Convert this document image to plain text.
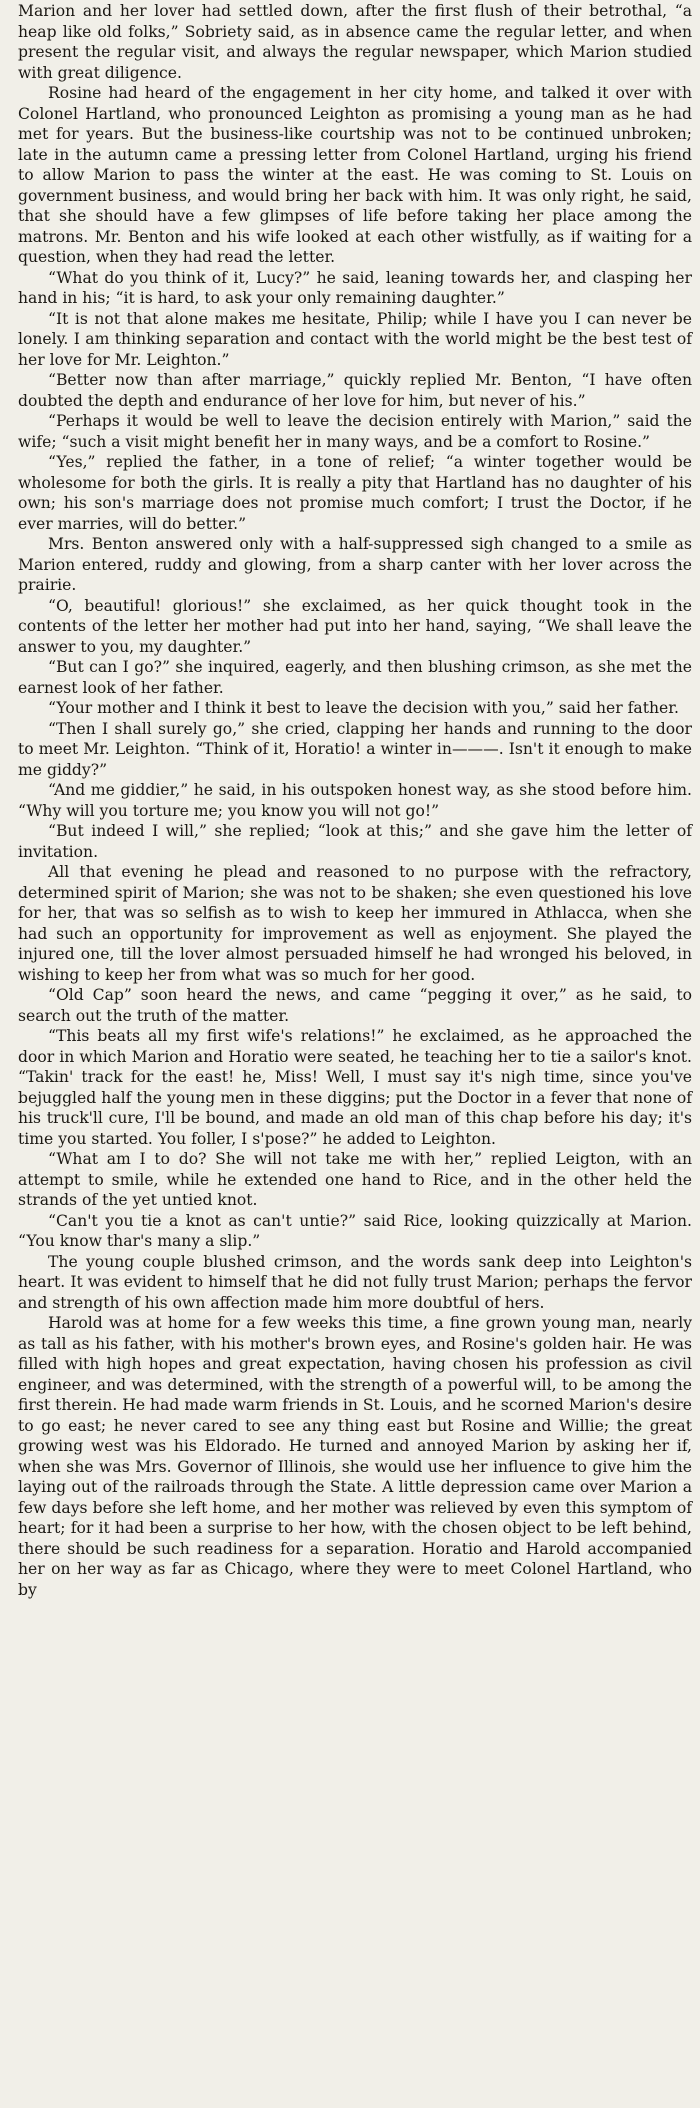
Marion and her lover had settled down, after the first flush of their betrothal, “a heap like old folks,” Sobriety said, as in absence came the regular letter, and when present the regular visit, and always the regular newspaper, which Marion studied with great diligence.

Rosine had heard of the engagement in her city home, and talked it over with Colonel Hartland, who pronounced Leighton as promising a young man as he had met for years. But the business-like courtship was not to be continued unbroken; late in the autumn came a pressing letter from Colonel Hartland, urging his friend to allow Marion to pass the winter at the east. He was coming to St. Louis on government business, and would bring her back with him. It was only right, he said, that she should have a few glimpses of life before taking her place among the matrons. Mr. Benton and his wife looked at each other wistfully, as if waiting for a question, when they had read the letter.

“What do you think of it, Lucy?” he said, leaning towards her, and clasping her hand in his; “it is hard, to ask your only remaining daughter.”

“It is not that alone makes me hesitate, Philip; while I have you I can never be lonely. I am thinking separation and contact with the world might be the best test of her love for Mr. Leighton.”

“Better now than after marriage,” quickly replied Mr. Benton, “I have often doubted the depth and endurance of her love for him, but never of his.”

“Perhaps it would be well to leave the decision entirely with Marion,” said the wife; “such a visit might benefit her in many ways, and be a comfort to Rosine.”

“Yes,” replied the father, in a tone of relief; “a winter together would be wholesome for both the girls. It is really a pity that Hartland has no daughter of his own; his son's marriage does not promise much comfort; I trust the Doctor, if he ever marries, will do better.”

Mrs. Benton answered only with a half-suppressed sigh changed to a smile as Marion entered, ruddy and glowing, from a sharp canter with her lover across the prairie.

“O, beautiful! glorious!” she exclaimed, as her quick thought took in the contents of the letter her mother had put into her hand, saying, “We shall leave the answer to you, my daughter.”

“But can I go?” she inquired, eagerly, and then blushing crimson, as she met the earnest look of her father.

“Your mother and I think it best to leave the decision with you,” said her father.

“Then I shall surely go,” she cried, clapping her hands and running to the door to meet Mr. Leighton. “Think of it, Horatio! a winter in———. Isn't it enough to make me giddy?”

“And me giddier,” he said, in his outspoken honest way, as she stood before him. “Why will you torture me; you know you will not go!”

“But indeed I will,” she replied; “look at this;” and she gave him the letter of invitation.

All that evening he plead and reasoned to no purpose with the refractory, determined spirit of Marion; she was not to be shaken; she even questioned his love for her, that was so selfish as to wish to keep her immured in Athlacca, when she had such an opportunity for improvement as well as enjoyment. She played the injured one, till the lover almost persuaded himself he had wronged his beloved, in wishing to keep her from what was so much for her good.

“Old Cap” soon heard the news, and came “pegging it over,” as he said, to search out the truth of the matter.

“This beats all my first wife's relations!” he exclaimed, as he approached the door in which Marion and Horatio were seated, he teaching her to tie a sailor's knot. “Takin' track for the east! he, Miss! Well, I must say it's nigh time, since you've bejuggled half the young men in these diggins; put the Doctor in a fever that none of his truck'll cure, I'll be bound, and made an old man of this chap before his day; it's time you started. You foller, I s'pose?” he added to Leighton.

“What am I to do? She will not take me with her,” replied Leigton, with an attempt to smile, while he extended one hand to Rice, and in the other held the strands of the yet untied knot.

“Can't you tie a knot as can't untie?” said Rice, looking quizzically at Marion. “You know thar's many a slip.”

The young couple blushed crimson, and the words sank deep into Leighton's heart. It was evident to himself that he did not fully trust Marion; perhaps the fervor and strength of his own affection made him more doubtful of hers.

Harold was at home for a few weeks this time, a fine grown young man, nearly as tall as his father, with his mother's brown eyes, and Rosine's golden hair. He was filled with high hopes and great expectation, having chosen his profession as civil engineer, and was determined, with the strength of a powerful will, to be among the first therein. He had made warm friends in St. Louis, and he scorned Marion's desire to go east; he never cared to see any thing east but Rosine and Willie; the great growing west was his Eldorado. He turned and annoyed Marion by asking her if, when she was Mrs. Governor of Illinois, she would use her influence to give him the laying out of the railroads through the State. A little depression came over Marion a few days before she left home, and her mother was relieved by even this symptom of heart; for it had been a surprise to her how, with the chosen object to be left behind, there should be such readiness for a separation. Horatio and Harold accompanied her on her way as far as Chicago, where they were to meet Colonel Hartland, who by
